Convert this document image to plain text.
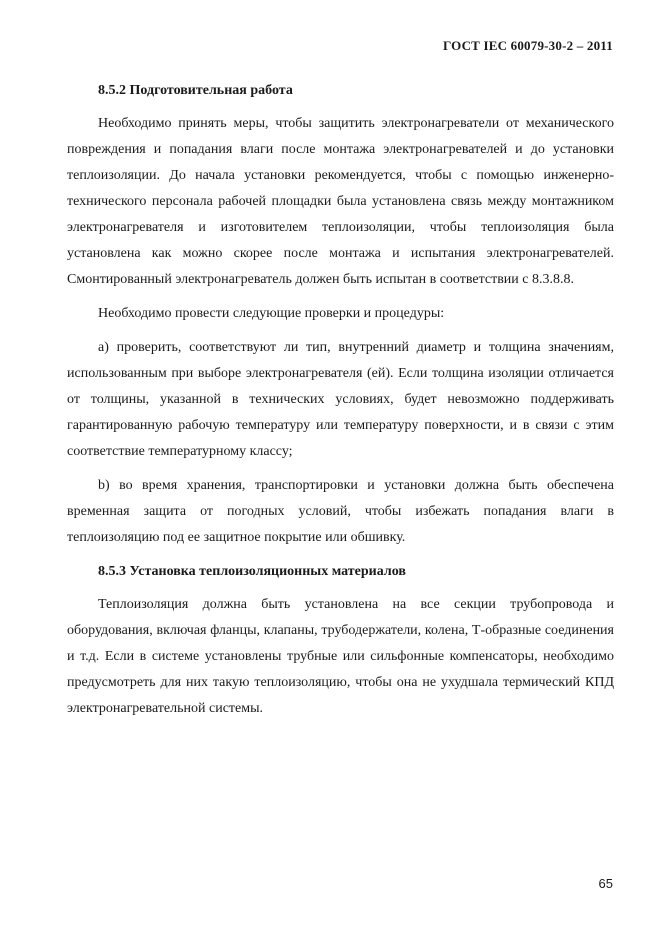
ГОСТ IEC 60079-30-2 – 2011
8.5.2 Подготовительная работа

Необходимо принять меры, чтобы защитить электронагреватели от механического повреждения и попадания влаги после монтажа электронагревателей и до установки теплоизоляции. До начала установки рекомендуется, чтобы с помощью инженерно-технического персонала рабочей площадки была установлена связь между монтажником электронагревателя и изготовителем теплоизоляции, чтобы теплоизоляция была установлена как можно скорее после монтажа и испытания электронагревателей. Смонтированный электронагреватель должен быть испытан в соответствии с 8.3.8.8.

Необходимо провести следующие проверки и процедуры:

а) проверить, соответствуют ли тип, внутренний диаметр и толщина значениям, использованным при выборе электронагревателя (ей). Если толщина изоляции отличается от толщины, указанной в технических условиях, будет невозможно поддерживать гарантированную рабочую температуру или температуру поверхности, и в связи с этим соответствие температурному классу;

b) во время хранения, транспортировки и установки должна быть обеспечена временная защита от погодных условий, чтобы избежать попадания влаги в теплоизоляцию под ее защитное покрытие или обшивку.

8.5.3 Установка теплоизоляционных материалов

Теплоизоляция должна быть установлена на все секции трубопровода и оборудования, включая фланцы, клапаны, трубодержатели, колена, Т-образные соединения и т.д. Если в системе установлены трубные или сильфонные компенсаторы, необходимо предусмотреть для них такую теплоизоляцию, чтобы она не ухудшала термический КПД электронагревательной системы.

65
